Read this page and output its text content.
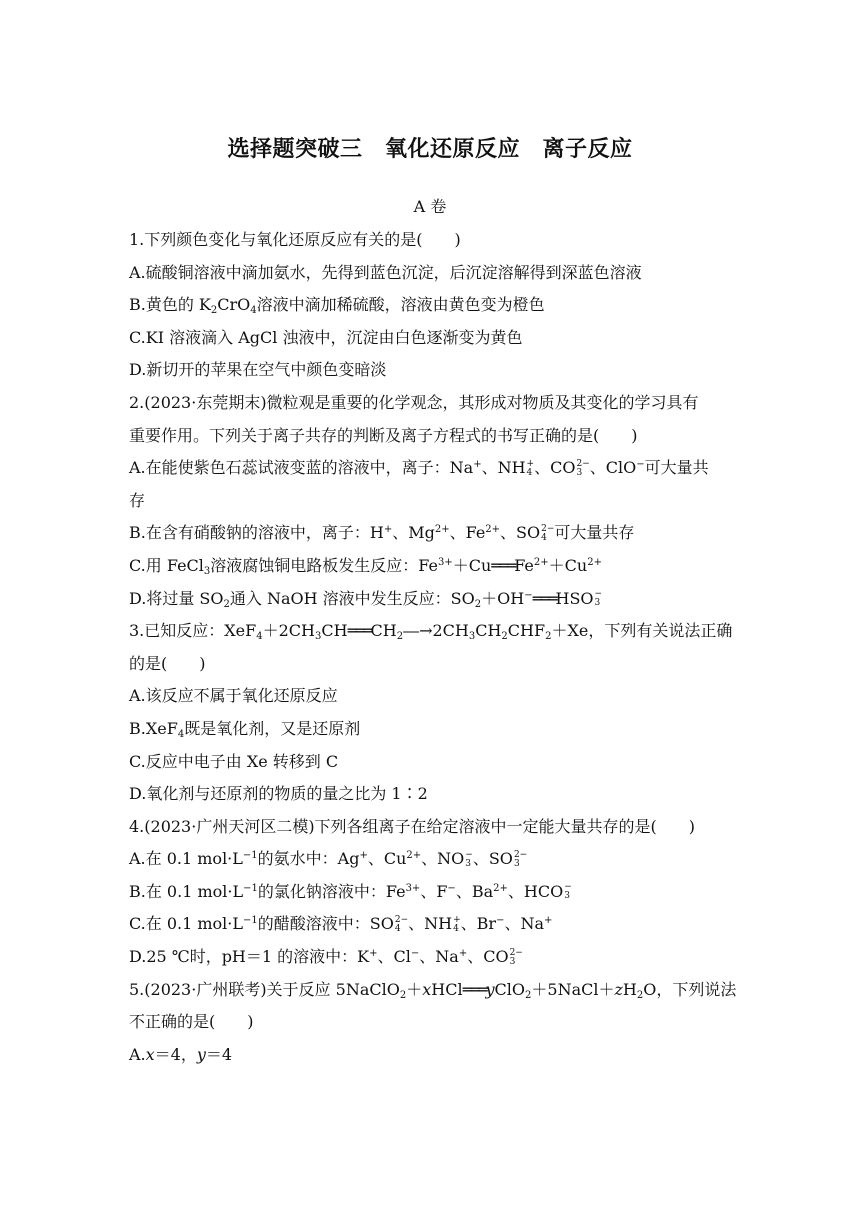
选择题突破三　氧化还原反应　离子反应
A 卷
1.下列颜色变化与氧化还原反应有关的是(　　)
A.硫酸铜溶液中滴加氨水，先得到蓝色沉淀，后沉淀溶解得到深蓝色溶液
B.黄色的 $K_2CrO_4$溶液中滴加稀硫酸，溶液由黄色变为橙色
C.KI 溶液滴入 AgCl 浊液中，沉淀由白色逐渐变为黄色
D.新切开的苹果在空气中颜色变暗淡
2.(2023·东莞期末)微粒观是重要的化学观念，其形成对物质及其变化的学习具有
重要作用。下列关于离子共存的判断及离子方程式的书写正确的是(　　)
A.在能使紫色石蕊试液变蓝的溶液中，离子：Na+、NH +
4 、CO 2−
3 、ClO−可大量共
存
B.在含有硝酸钠的溶液中，离子：H+、$Mg^{2+}$、$Fe^{2+}$、SO 2−
4 可大量共存
C.用 FeCl$_3$溶液腐蚀铜电路板发生反应：$Fe^{3+}+Cu═══Fe^{2+}+Cu^{2+}$
D.将过量 $SO_2$通入 NaOH 溶液中发生反应：$SO_2+OH^-═══HSO$ −
3
3.已知反应：$XeF_4+2CH_3CH═══CH_2―\to 2CH_3CH_2CHF_2+Xe$，下列有关说法正确
的是(　　)
A.该反应不属于氧化还原反应
B.XeF$_4$既是氧化剂，又是还原剂
C.反应中电子由 Xe 转移到 C
D.氧化剂与还原剂的物质的量之比为 1∶2
4.(2023·广州天河区二模)下列各组离子在给定溶液中一定能大量共存的是(　　)
A.在 0.1 $mol\cdot L^{-1}$的氨水中：Ag+、$Cu^{2+}$、NO −
3 、SO 2−
3
B.在 0.1 $mol\cdot L^{-1}$的氯化钠溶液中：$Fe^{3+}$、F−、$Ba^{2+}$、HCO −
3
C.在 0.1 $mol\cdot L^{-1}$的醋酸溶液中：SO 2−
4 、NH +
4 、Br−、Na+
D.25 ℃时，pH＝1 的溶液中：K+、Cl−、Na+、CO 2−
3
5.(2023·广州联考)关于反应 $5NaClO_2+xHCl═══yClO_2+5NaCl+zH_2O$，下列说法
不正确的是(　　)
A.x＝4，y＝4
